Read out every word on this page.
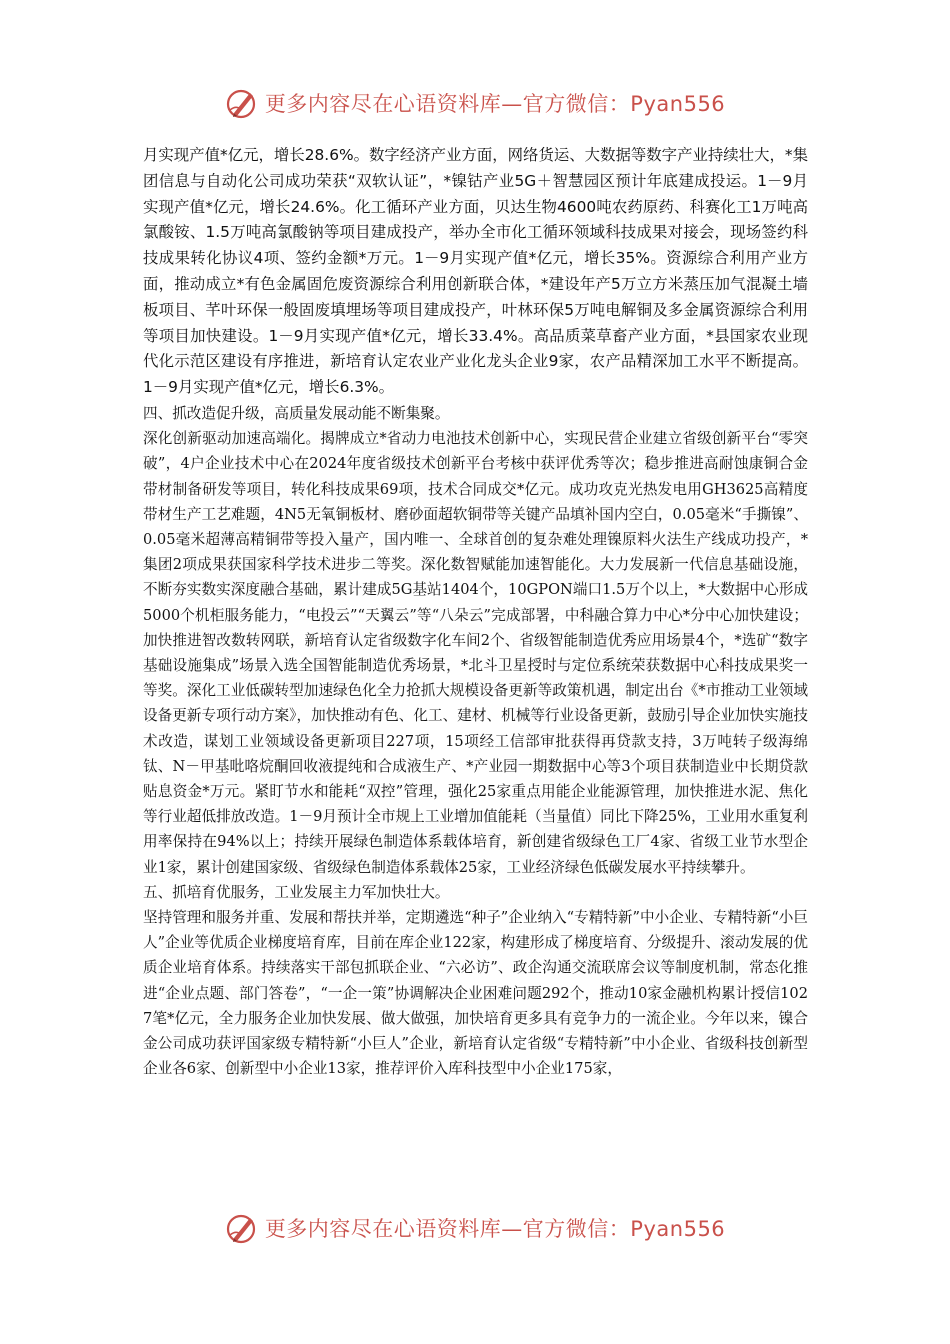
更多内容尽在心语资料库—官方微信：Pyan556

月实现产值*亿元，增长28.6%。数字经济产业方面，网络货运、大数据等数字产业持续壮大，*集团信息与自动化公司成功荣获“双软认证”，*镍钴产业5G＋智慧园区预计年底建成投运。1－9月实现产值*亿元，增长24.6%。化工循环产业方面，贝达生物4600吨农药原药、科赛化工1万吨高氯酸铵、1.5万吨高氯酸钠等项目建成投产，举办全市化工循环领域科技成果对接会，现场签约科技成果转化协议4项、签约金额*万元。1－9月实现产值*亿元，增长35%。资源综合利用产业方面，推动成立*有色金属固危废资源综合利用创新联合体，*建设年产5万立方米蒸压加气混凝土墙板项目、芊叶环保一般固废填埋场等项目建成投产，叶林环保5万吨电解铜及多金属资源综合利用等项目加快建设。1－9月实现产值*亿元，增长33.4%。高品质菜草畜产业方面，*县国家农业现代化示范区建设有序推进，新培育认定农业产业化龙头企业9家，农产品精深加工水平不断提高。1－9月实现产值*亿元，增长6.3%。

四、抓改造促升级，高质量发展动能不断集聚。

深化创新驱动加速高端化。揭牌成立*省动力电池技术创新中心，实现民营企业建立省级创新平台“零突破”，4户企业技术中心在2024年度省级技术创新平台考核中获评优秀等次；稳步推进高耐蚀康铜合金带材制备研发等项目，转化科技成果69项，技术合同成交*亿元。成功攻克光热发电用GH3625高精度带材生产工艺难题，4N5无氧铜板材、磨砂面超软铜带等关键产品填补国内空白，0.05毫米“手撕镍”、0.05毫米超薄高精铜带等投入量产，国内唯一、全球首创的复杂难处理镍原料火法生产线成功投产，*集团2项成果获国家科学技术进步二等奖。深化数智赋能加速智能化。大力发展新一代信息基础设施，不断夯实数实深度融合基础，累计建成5G基站1404个，10GPON端口1.5万个以上，*大数据中心形成5000个机柜服务能力，“电投云”“天翼云”等“八朵云”完成部署，中科融合算力中心*分中心加快建设；加快推进智改数转网联，新培育认定省级数字化车间2个、省级智能制造优秀应用场景4个，*选矿“数字基础设施集成”场景入选全国智能制造优秀场景，*北斗卫星授时与定位系统荣获数据中心科技成果奖一等奖。深化工业低碳转型加速绿色化全力抢抓大规模设备更新等政策机遇，制定出台《*市推动工业领域设备更新专项行动方案》，加快推动有色、化工、建材、机械等行业设备更新，鼓励引导企业加快实施技术改造，谋划工业领域设备更新项目227项，15项经工信部审批获得再贷款支持，3万吨转子级海绵钛、N－甲基吡咯烷酮回收液提纯和合成液生产、*产业园一期数据中心等3个项目获制造业中长期贷款贴息资金*万元。紧盯节水和能耗“双控”管理，强化25家重点用能企业能源管理，加快推进水泥、焦化等行业超低排放改造。1－9月预计全市规上工业增加值能耗（当量值）同比下降25%，工业用水重复利用率保持在94%以上；持续开展绿色制造体系载体培育，新创建省级绿色工厂4家、省级工业节水型企业1家，累计创建国家级、省级绿色制造体系载体25家，工业经济绿色低碳发展水平持续攀升。

五、抓培育优服务，工业发展主力军加快壮大。

坚持管理和服务并重、发展和帮扶并举，定期遴选“种子”企业纳入“专精特新”中小企业、专精特新“小巨人”企业等优质企业梯度培育库，目前在库企业122家，构建形成了梯度培育、分级提升、滚动发展的优质企业培育体系。持续落实干部包抓联企业、“六必访”、政企沟通交流联席会议等制度机制，常态化推进“企业点题、部门答卷”，“一企一策”协调解决企业困难问题292个，推动10家金融机构累计授信1027笔*亿元，全力服务企业加快发展、做大做强，加快培育更多具有竞争力的一流企业。今年以来，镍合金公司成功获评国家级专精特新“小巨人”企业，新培育认定省级“专精特新”中小企业、省级科技创新型企业各6家、创新型中小企业13家，推荐评价入库科技型中小企业175家，

更多内容尽在心语资料库—官方微信：Pyan556
